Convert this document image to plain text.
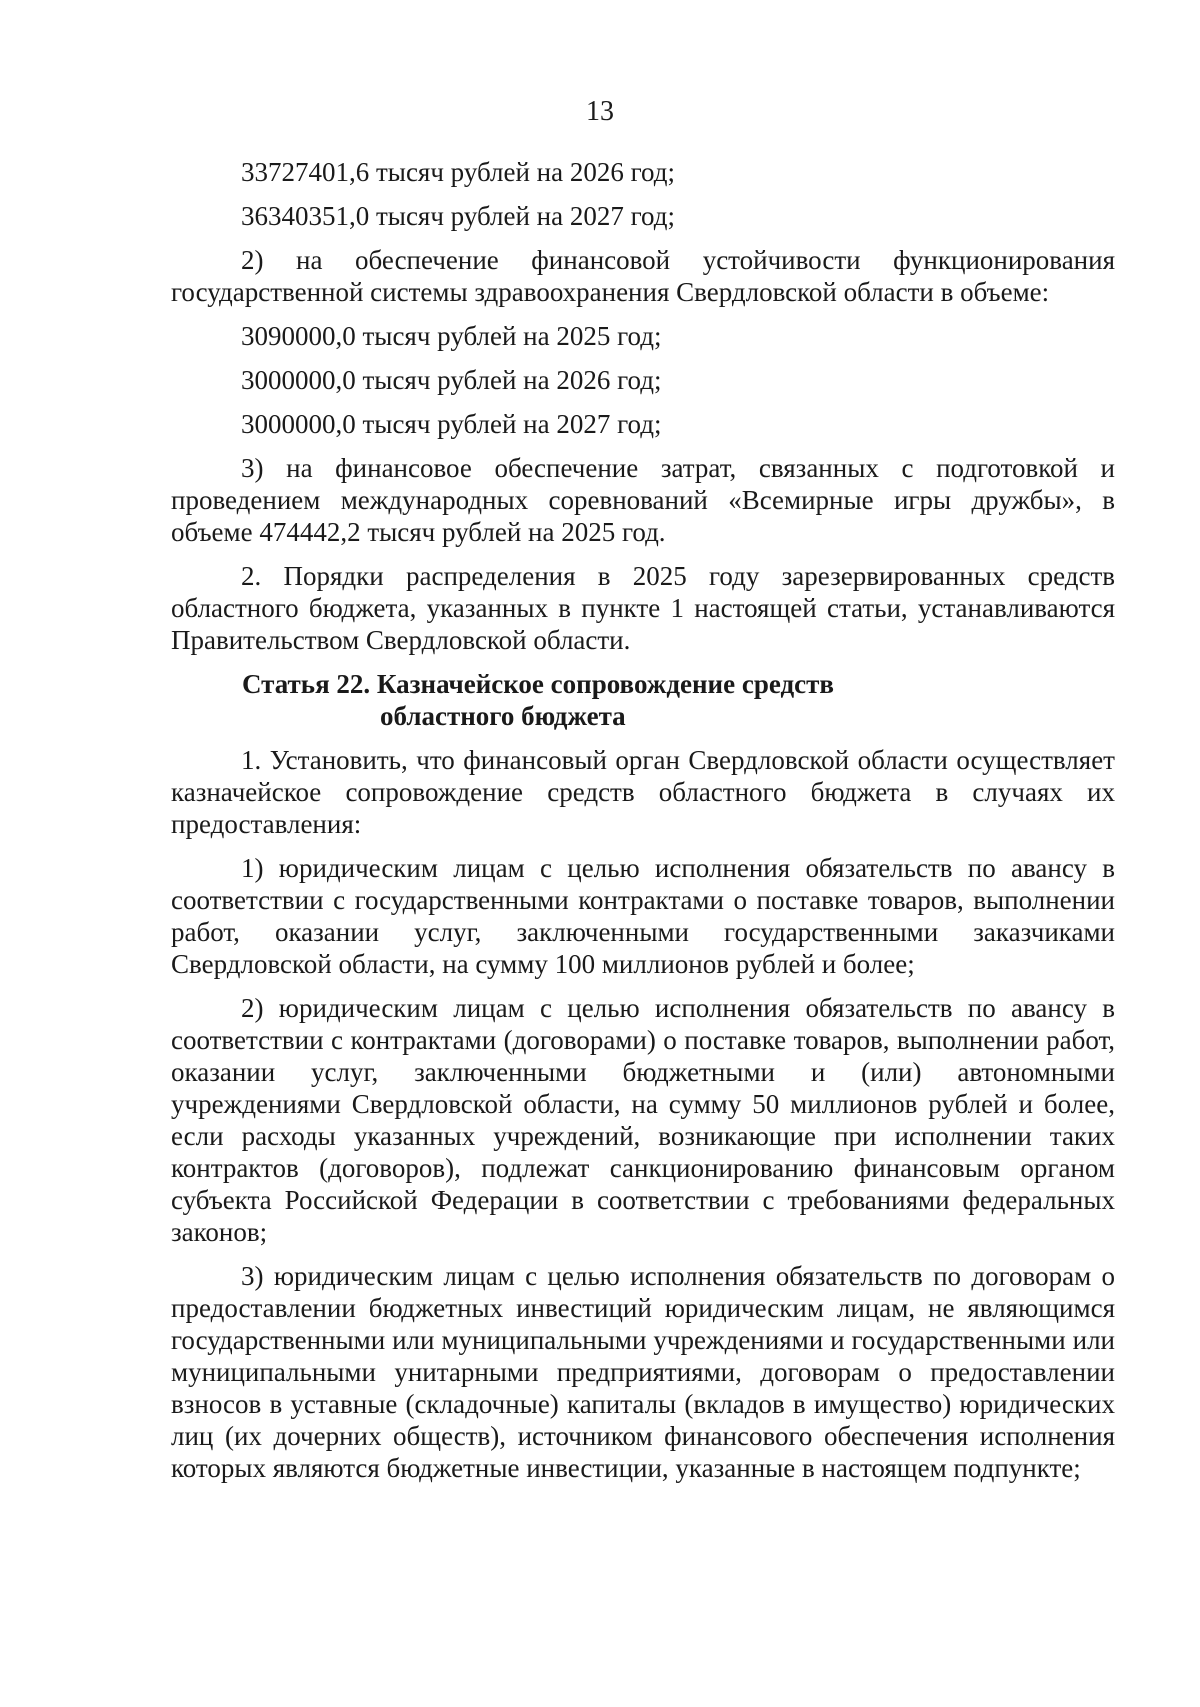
13

33727401,6 тысяч рублей на 2026 год;

36340351,0 тысяч рублей на 2027 год;

2) на обеспечение финансовой устойчивости функционирования государственной системы здравоохранения Свердловской области в объеме:

3090000,0 тысяч рублей на 2025 год;

3000000,0 тысяч рублей на 2026 год;

3000000,0 тысяч рублей на 2027 год;

3) на финансовое обеспечение затрат, связанных с подготовкой и проведением международных соревнований «Всемирные игры дружбы», в объеме 474442,2 тысяч рублей на 2025 год.

2. Порядки распределения в 2025 году зарезервированных средств областного бюджета, указанных в пункте 1 настоящей статьи, устанавливаются Правительством Свердловской области.

Статья 22. Казначейское сопровождение средств
областного бюджета

1. Установить, что финансовый орган Свердловской области осуществляет казначейское сопровождение средств областного бюджета в случаях их предоставления:

1) юридическим лицам с целью исполнения обязательств по авансу в соответствии с государственными контрактами о поставке товаров, выполнении работ, оказании услуг, заключенными государственными заказчиками Свердловской области, на сумму 100 миллионов рублей и более;

2) юридическим лицам с целью исполнения обязательств по авансу в соответствии с контрактами (договорами) о поставке товаров, выполнении работ, оказании услуг, заключенными бюджетными и (или) автономными учреждениями Свердловской области, на сумму 50 миллионов рублей и более, если расходы указанных учреждений, возникающие при исполнении таких контрактов (договоров), подлежат санкционированию финансовым органом субъекта Российской Федерации в соответствии с требованиями федеральных законов;

3) юридическим лицам с целью исполнения обязательств по договорам о предоставлении бюджетных инвестиций юридическим лицам, не являющимся государственными или муниципальными учреждениями и государственными или муниципальными унитарными предприятиями, договорам о предоставлении взносов в уставные (складочные) капиталы (вкладов в имущество) юридических лиц (их дочерних обществ), источником финансового обеспечения исполнения которых являются бюджетные инвестиции, указанные в настоящем подпункте;
